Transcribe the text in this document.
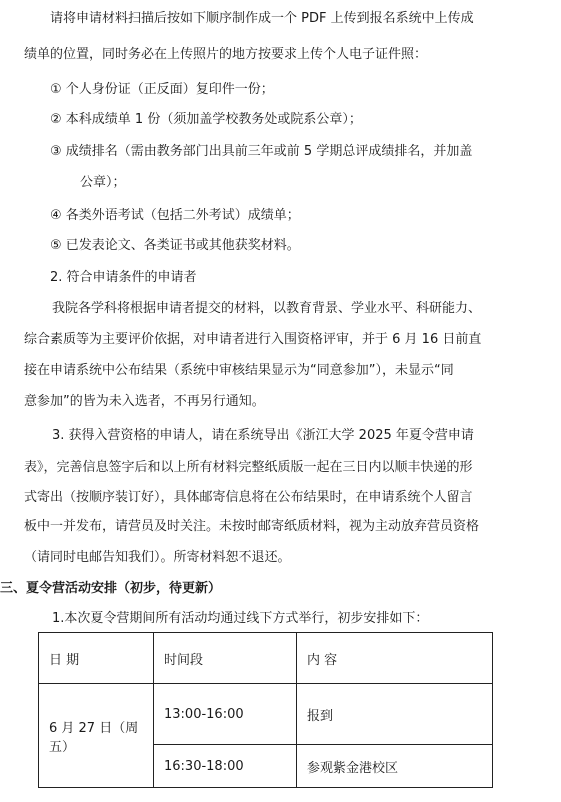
请将申请材料扫描后按如下顺序制作成一个 PDF 上传到报名系统中上传成
绩单的位置，同时务必在上传照片的地方按要求上传个人电子证件照：
① 个人身份证（正反面）复印件一份；
② 本科成绩单 1 份（须加盖学校教务处或院系公章）；
③ 成绩排名（需由教务部门出具前三年或前 5 学期总评成绩排名，并加盖
公章）；
④ 各类外语考试（包括二外考试）成绩单；
⑤ 已发表论文、各类证书或其他获奖材料。
2. 符合申请条件的申请者
我院各学科将根据申请者提交的材料，以教育背景、学业水平、科研能力、
综合素质等为主要评价依据，对申请者进行入围资格评审，并于 6 月 16 日前直
接在申请系统中公布结果（系统中审核结果显示为“同意参加”），未显示“同
意参加”的皆为未入选者，不再另行通知。
3. 获得入营资格的申请人，请在系统导出《浙江大学 2025 年夏令营申请
表》，完善信息签字后和以上所有材料完整纸质版一起在三日内以顺丰快递的形
式寄出（按顺序装订好），具体邮寄信息将在公布结果时，在申请系统个人留言
板中一并发布，请营员及时关注。未按时邮寄纸质材料，视为主动放弃营员资格
（请同时电邮告知我们）。所寄材料恕不退还。
三、夏令营活动安排（初步，待更新）
1.本次夏令营期间所有活动均通过线下方式举行，初步安排如下：
日 期	时间段	内 容
6 月 27 日（周五）	13:00-16:00	报到
	16:30-18:00	参观紫金港校区
